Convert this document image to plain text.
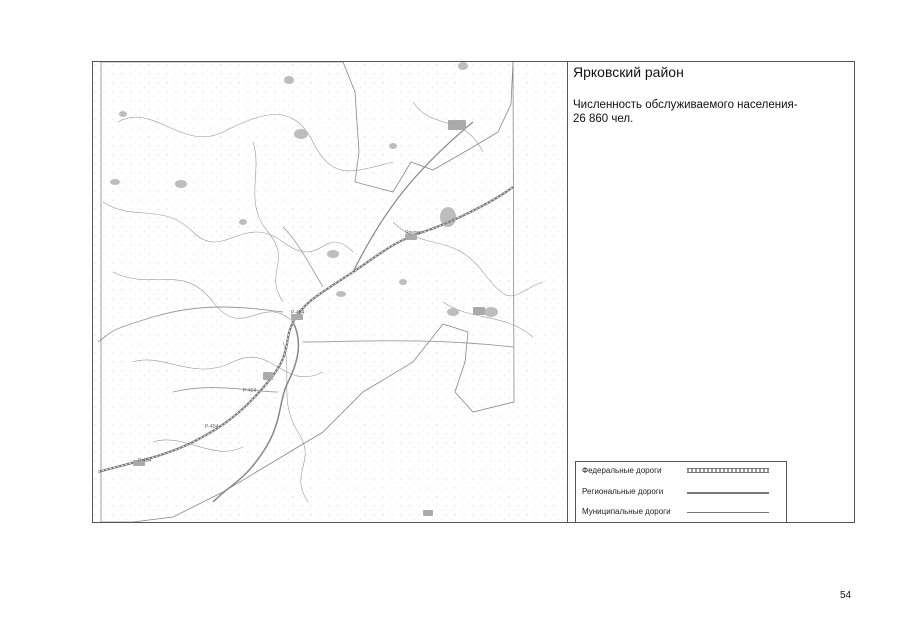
Ярково
Р-404
Р-404
Р-404
Р-404
Ярковский район
Численность обслуживаемого населения-
26 860 чел.
Федеральные дороги
Региональные дороги
Муниципальные дороги
54
